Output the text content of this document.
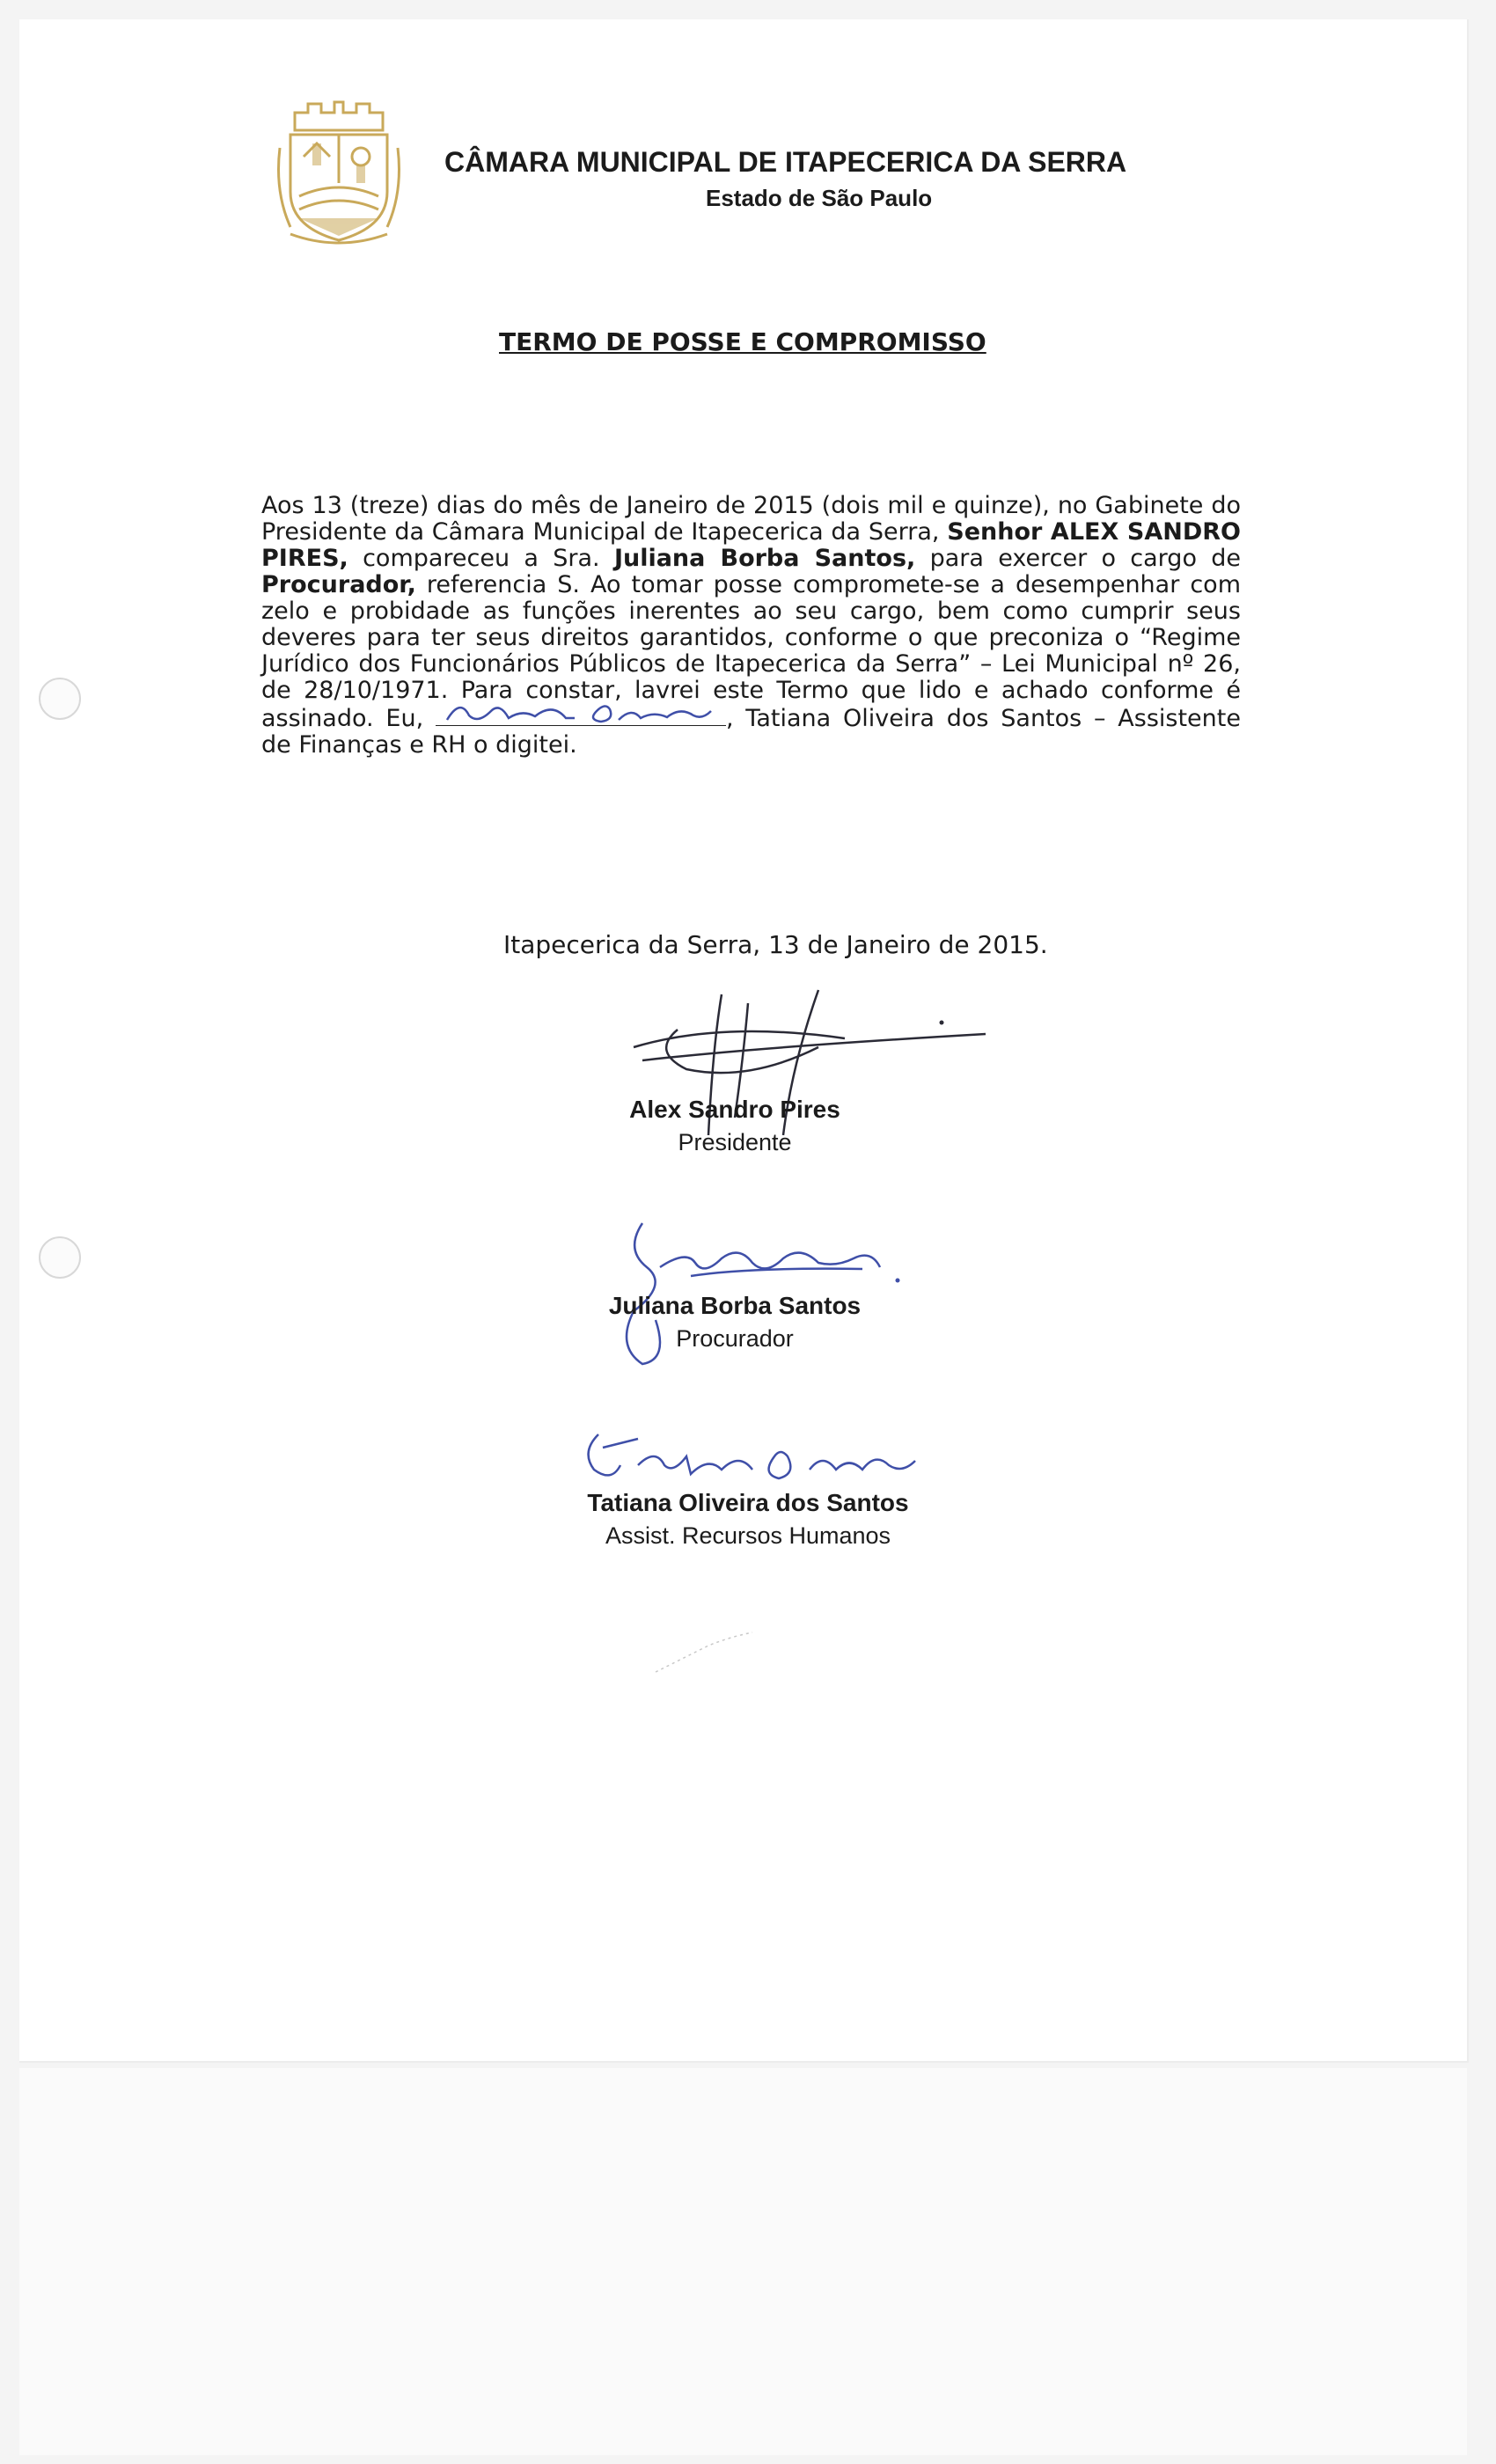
CÂMARA MUNICIPAL DE ITAPECERICA DA SERRA
Estado de São Paulo
TERMO DE POSSE E COMPROMISSO
Aos 13 (treze) dias do mês de Janeiro de 2015 (dois mil e quinze), no Gabinete do Presidente da Câmara Municipal de Itapecerica da Serra, Senhor ALEX SANDRO PIRES, compareceu a Sra. Juliana Borba Santos, para exercer o cargo de Procurador, referencia S. Ao tomar posse compromete-se a desempenhar com zelo e probidade as funções inerentes ao seu cargo, bem como cumprir seus deveres para ter seus direitos garantidos, conforme o que preconiza o “Regime Jurídico dos Funcionários Públicos de Itapecerica da Serra” – Lei Municipal nº 26, de 28/10/1971. Para constar, lavrei este Termo que lido e achado conforme é assinado. Eu,	, Tatiana Oliveira dos Santos – Assistente de Finanças e RH o digitei.
Itapecerica da Serra, 13 de Janeiro de 2015.
Alex Sandro Pires
Presidente
Juliana Borba Santos
Procurador
Tatiana Oliveira dos Santos
Assist. Recursos Humanos
